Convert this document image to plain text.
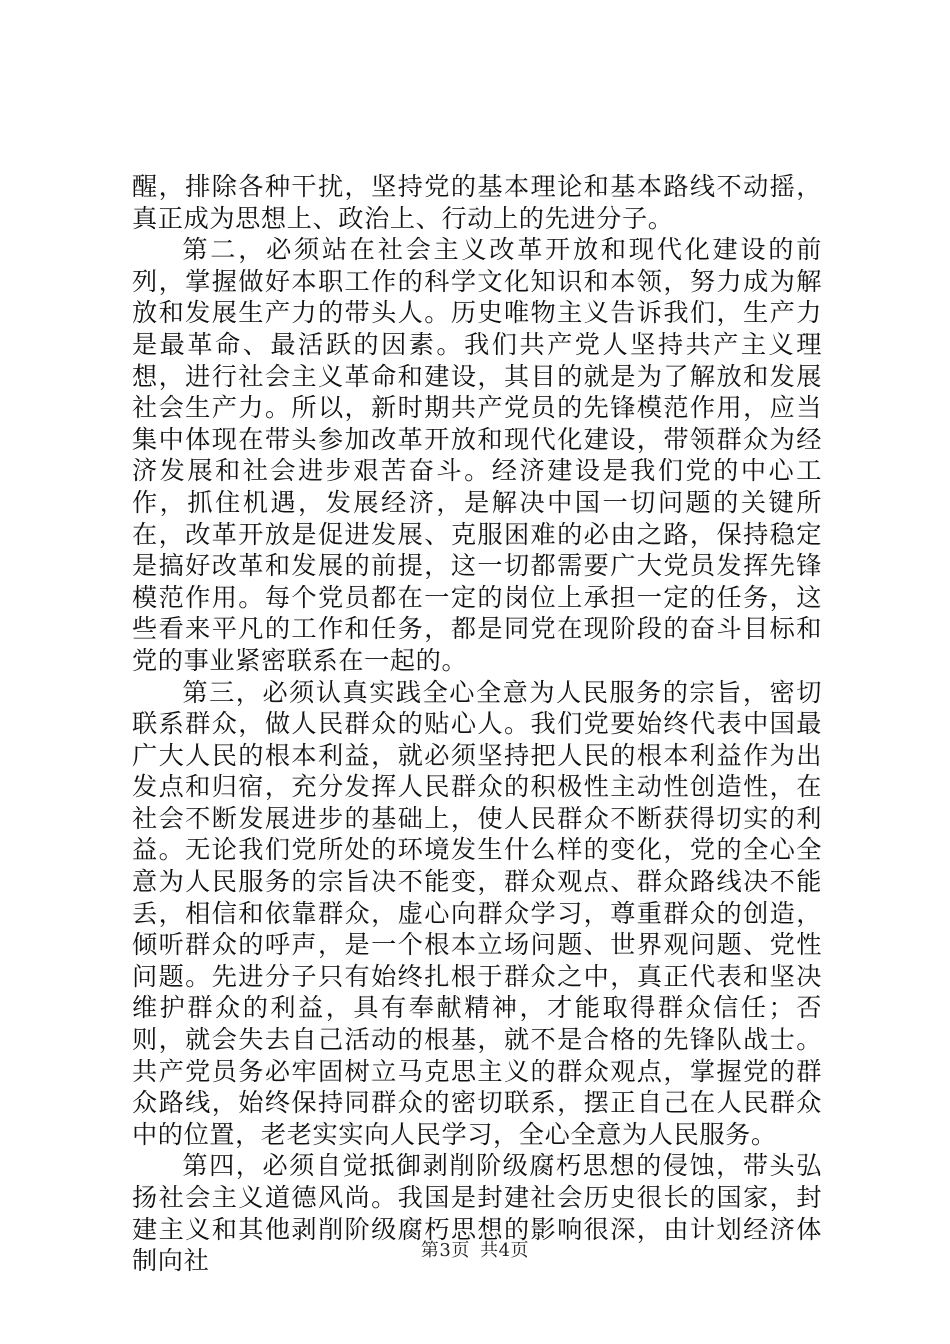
醒，排除各种干扰，坚持党的基本理论和基本路线不动摇，真正成为思想上、政治上、行动上的先进分子。

第二，必须站在社会主义改革开放和现代化建设的前列，掌握做好本职工作的科学文化知识和本领，努力成为解放和发展生产力的带头人。历史唯物主义告诉我们，生产力是最革命、最活跃的因素。我们共产党人坚持共产主义理想，进行社会主义革命和建设，其目的就是为了解放和发展社会生产力。所以，新时期共产党员的先锋模范作用，应当集中体现在带头参加改革开放和现代化建设，带领群众为经济发展和社会进步艰苦奋斗。经济建设是我们党的中心工作，抓住机遇，发展经济，是解决中国一切问题的关键所在，改革开放是促进发展、克服困难的必由之路，保持稳定是搞好改革和发展的前提，这一切都需要广大党员发挥先锋模范作用。每个党员都在一定的岗位上承担一定的任务，这些看来平凡的工作和任务，都是同党在现阶段的奋斗目标和党的事业紧密联系在一起的。

第三，必须认真实践全心全意为人民服务的宗旨，密切联系群众，做人民群众的贴心人。我们党要始终代表中国最广大人民的根本利益，就必须坚持把人民的根本利益作为出发点和归宿，充分发挥人民群众的积极性主动性创造性，在社会不断发展进步的基础上，使人民群众不断获得切实的利益。无论我们党所处的环境发生什么样的变化，党的全心全意为人民服务的宗旨决不能变，群众观点、群众路线决不能丢，相信和依靠群众，虚心向群众学习，尊重群众的创造，倾听群众的呼声，是一个根本立场问题、世界观问题、党性问题。先进分子只有始终扎根于群众之中，真正代表和坚决维护群众的利益，具有奉献精神，才能取得群众信任；否则，就会失去自己活动的根基，就不是合格的先锋队战士。共产党员务必牢固树立马克思主义的群众观点，掌握党的群众路线，始终保持同群众的密切联系，摆正自己在人民群众中的位置，老老实实向人民学习，全心全意为人民服务。

第四，必须自觉抵御剥削阶级腐朽思想的侵蚀，带头弘扬社会主义道德风尚。我国是封建社会历史很长的国家，封建主义和其他剥削阶级腐朽思想的影响很深，由计划经济体制向社	第3页 共4页
